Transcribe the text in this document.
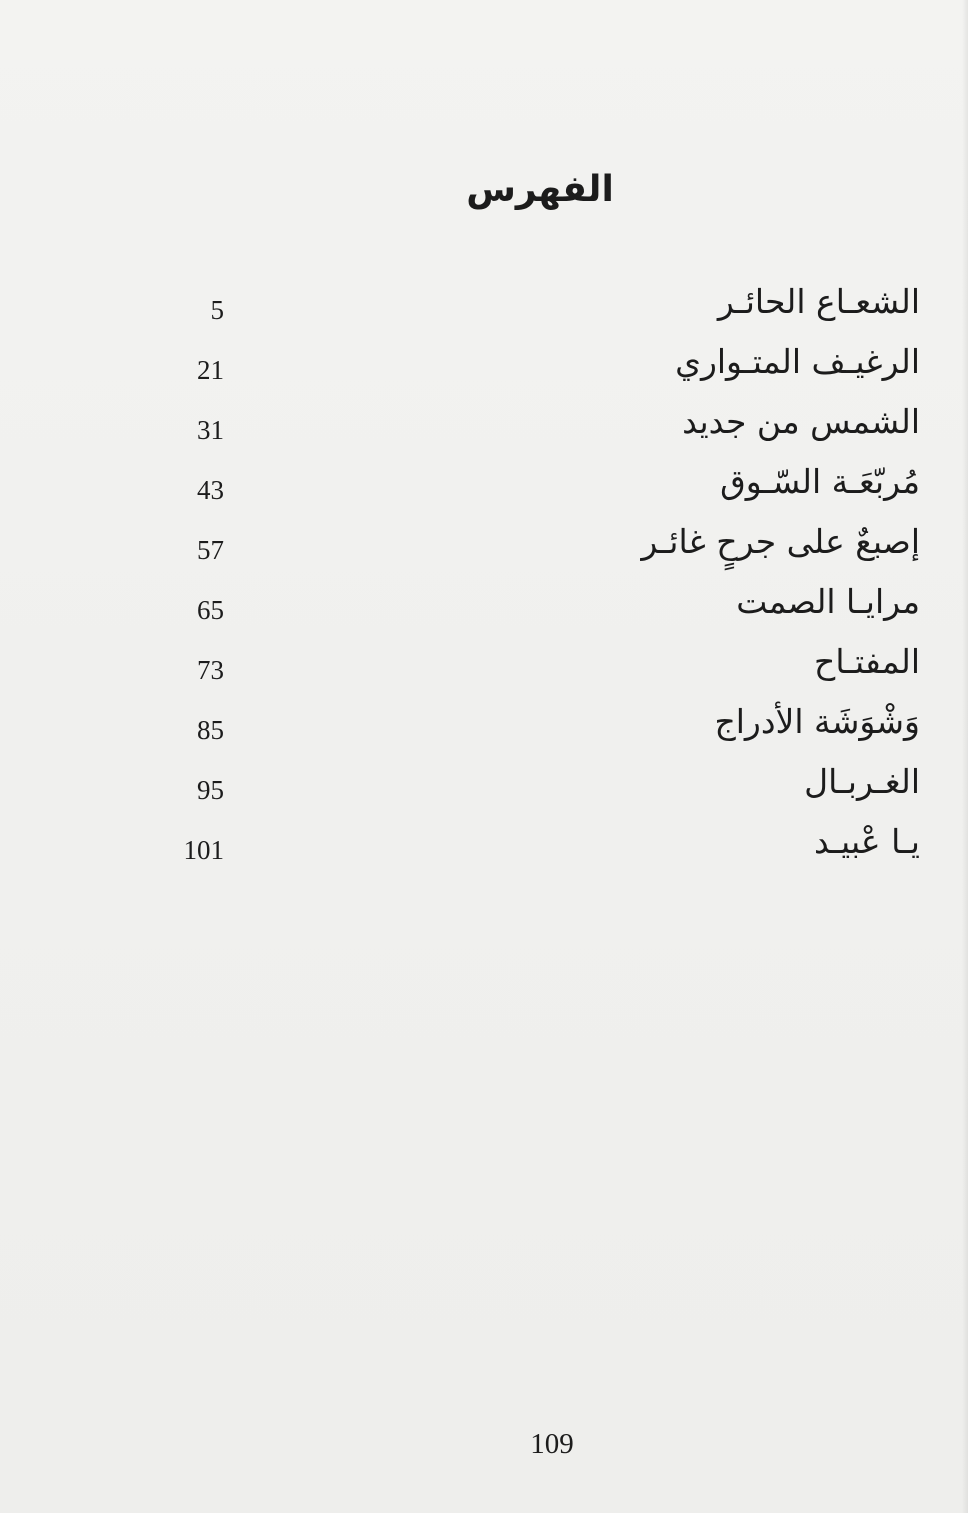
الفهرس
الشعـاع الحائـر
5
الرغيـف المتـواري
21
الشمس من جديد
31
مُربّعَـة السّـوق
43
إصبعٌ على جرحٍ غائـر
57
مرايـا الصمت
65
المفتـاح
73
وَشْوَشَة الأدراج
85
الغـربـال
95
يـا عْبيـد
101
109
